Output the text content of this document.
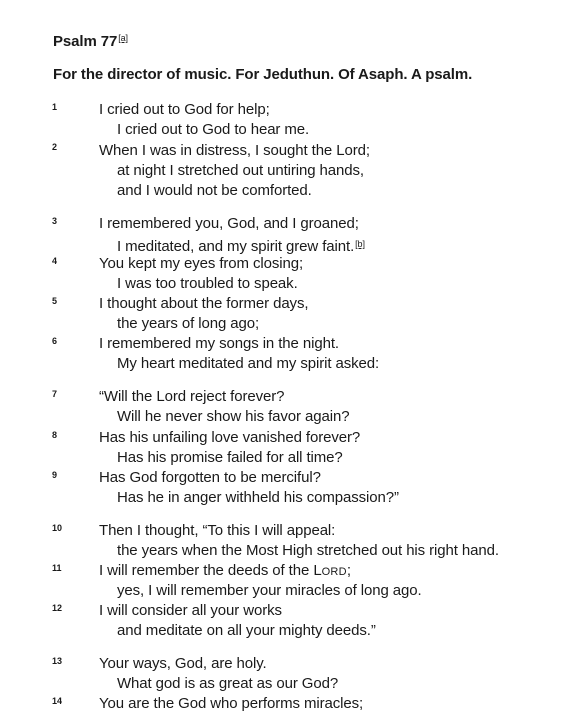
Psalm 77[a]
For the director of music. For Jeduthun. Of Asaph. A psalm.
1	I cried out to God for help;
I cried out to God to hear me.
2	When I was in distress, I sought the Lord;
at night I stretched out untiring hands,
and I would not be comforted.
3	I remembered you, God, and I groaned;
I meditated, and my spirit grew faint.[b]
4	You kept my eyes from closing;
I was too troubled to speak.
5	I thought about the former days,
the years of long ago;
6	I remembered my songs in the night.
My heart meditated and my spirit asked:
7	“Will the Lord reject forever?
Will he never show his favor again?
8	Has his unfailing love vanished forever?
Has his promise failed for all time?
9	Has God forgotten to be merciful?
Has he in anger withheld his compassion?”
10	Then I thought, “To this I will appeal:
the years when the Most High stretched out his right hand.
11	I will remember the deeds of the LORD;
yes, I will remember your miracles of long ago.
12	I will consider all your works
and meditate on all your mighty deeds.”
13	Your ways, God, are holy.
What god is as great as our God?
14	You are the God who performs miracles;
